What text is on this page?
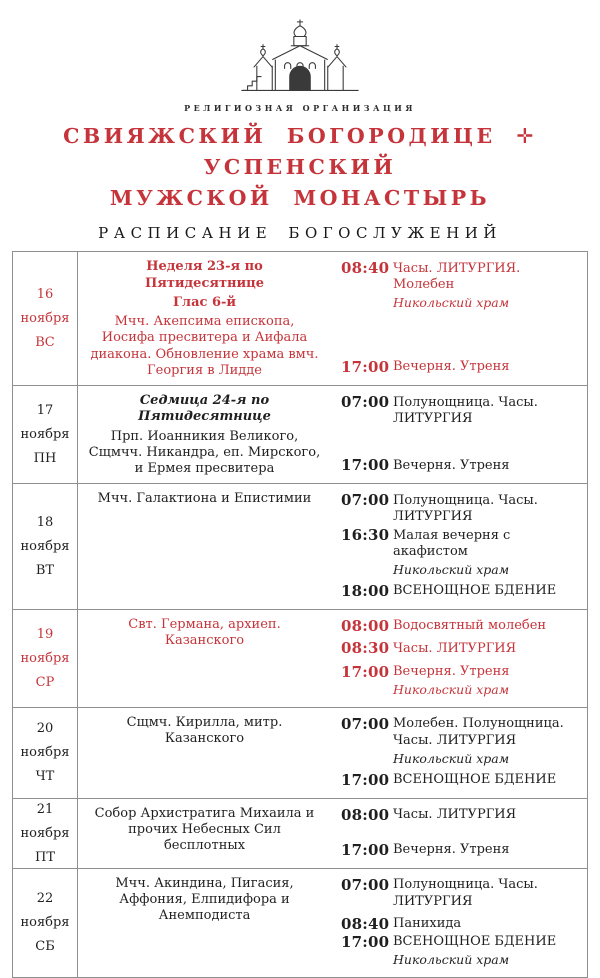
РЕЛИГИОЗНАЯ ОРГАНИЗАЦИЯ
СВИЯЖСКИЙ БОГОРОДИЦЕ ✛ УСПЕНСКИЙ
МУЖСКОЙ МОНАСТЫРЬ
РАСПИСАНИЕ БОГОСЛУЖЕНИЙ
16
ноября
ВС
Неделя 23-я по Пятидесятнице
Глас 6-й
Мчч. Акепсима епископа, Иосифа пресвитера и Аифала диакона. Обновление храма вмч. Георгия в Лидде
08:40 Часы. ЛИТУРГИЯ. Молебен
Никольский храм
17:00 Вечерня. Утреня
17
ноября
ПН
Седмица 24-я по Пятидесятнице
Прп. Иоанникия Великого, Сщмчч. Никандра, еп. Мирского, и Ермея пресвитера
07:00 Полунощница. Часы. ЛИТУРГИЯ
17:00 Вечерня. Утреня
18
ноября
ВТ
Мчч. Галактиона и Епистимии	07:00 Полунощница. Часы. ЛИТУРГИЯ
16:30 Малая вечерня с акафистом
Никольский храм
18:00 ВСЕНОЩНОЕ БДЕНИЕ
19
ноября
СР
Свт. Германа, архиеп. Казанского
08:00 Водосвятный молебен
08:30 Часы. ЛИТУРГИЯ
17:00 Вечерня. Утреня
Никольский храм
20
ноября
ЧТ
Сщмч. Кирилла, митр. Казанского
07:00 Молебен. Полунощница. Часы. ЛИТУРГИЯ
Никольский храм
17:00 ВСЕНОЩНОЕ БДЕНИЕ
21
ноября
ПТ
Собор Архистратига Михаила и прочих Небесных Сил бесплотных
08:00 Часы. ЛИТУРГИЯ
17:00 Вечерня. Утреня
22
ноября
СБ
Мчч. Акиндина, Пигасия, Аффония, Елпидифора и Анемподиста
07:00 Полунощница. Часы. ЛИТУРГИЯ
08:40 Панихида
17:00 ВСЕНОЩНОЕ БДЕНИЕ
Никольский храм
